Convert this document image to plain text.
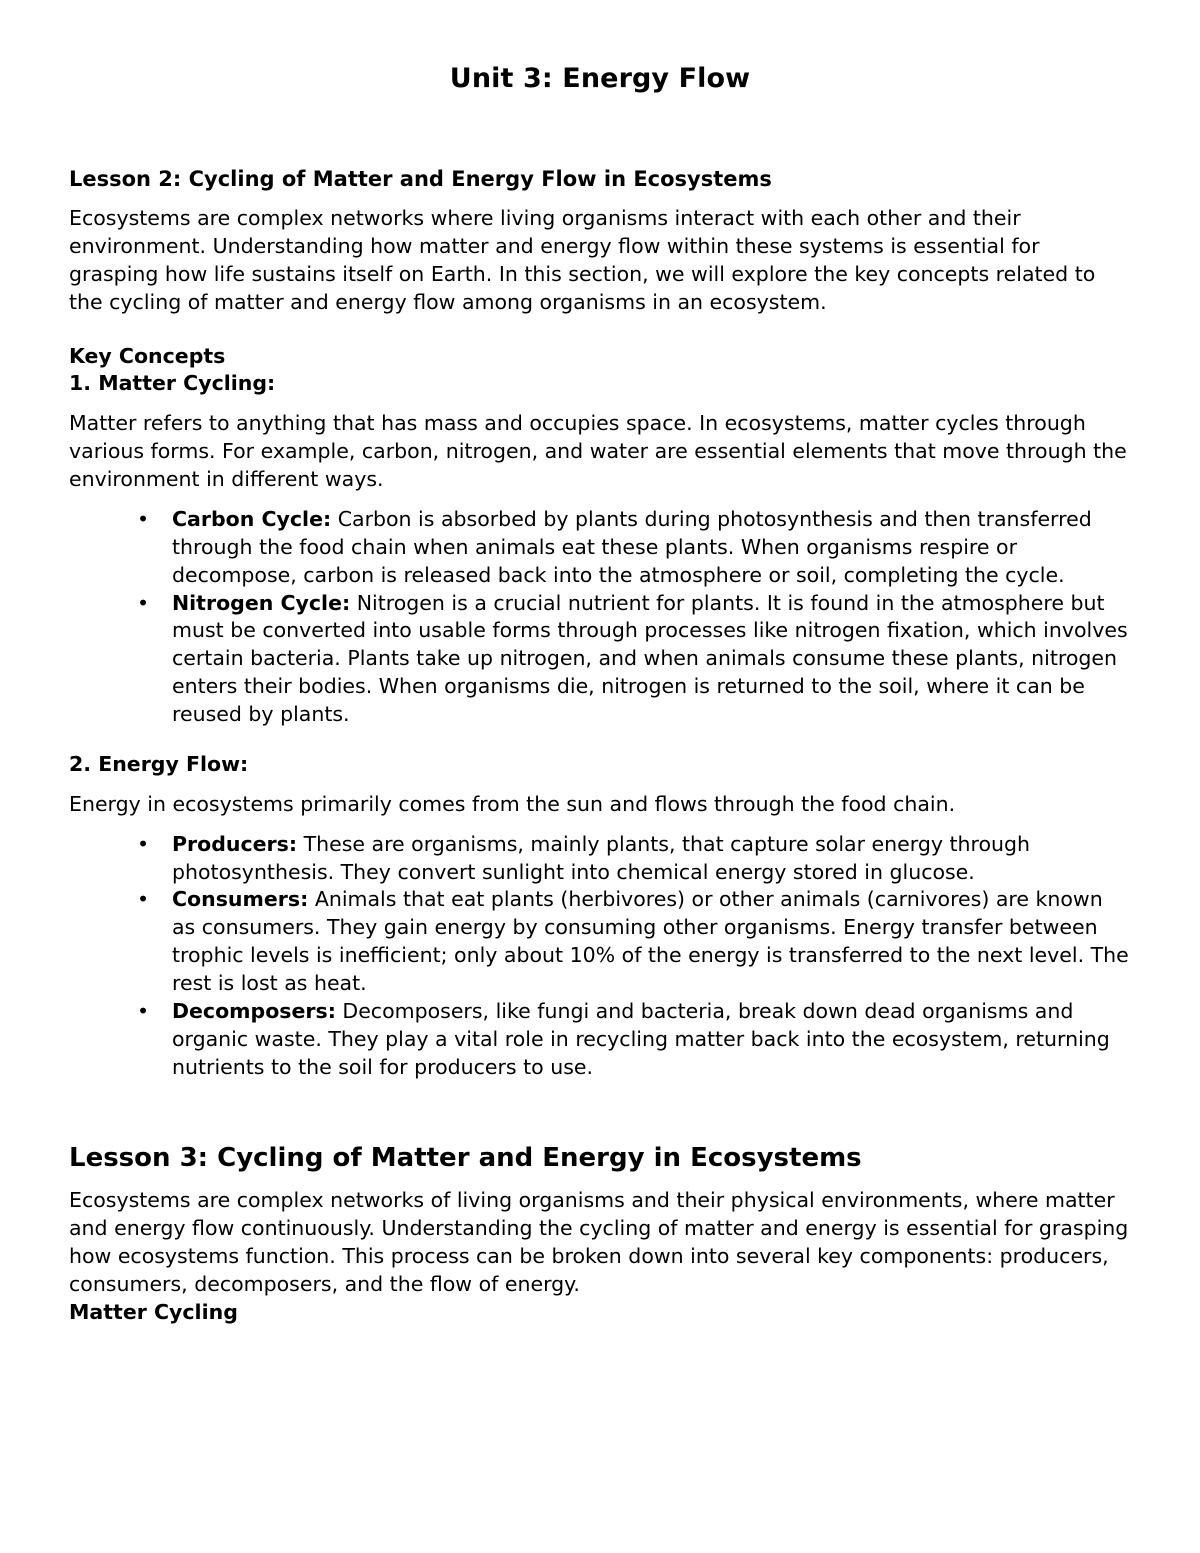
Unit 3: Energy Flow
Lesson 2: Cycling of Matter and Energy Flow in Ecosystems

Ecosystems are complex networks where living organisms interact with each other and their environment. Understanding how matter and energy flow within these systems is essential for grasping how life sustains itself on Earth. In this section, we will explore the key concepts related to the cycling of matter and energy flow among organisms in an ecosystem.

Key Concepts
1. Matter Cycling:

Matter refers to anything that has mass and occupies space. In ecosystems, matter cycles through various forms. For example, carbon, nitrogen, and water are essential elements that move through the environment in different ways.

• Carbon Cycle: Carbon is absorbed by plants during photosynthesis and then transferred through the food chain when animals eat these plants. When organisms respire or decompose, carbon is released back into the atmosphere or soil, completing the cycle.
• Nitrogen Cycle: Nitrogen is a crucial nutrient for plants. It is found in the atmosphere but must be converted into usable forms through processes like nitrogen fixation, which involves certain bacteria. Plants take up nitrogen, and when animals consume these plants, nitrogen enters their bodies. When organisms die, nitrogen is returned to the soil, where it can be reused by plants.
2. Energy Flow:

Energy in ecosystems primarily comes from the sun and flows through the food chain.

• Producers: These are organisms, mainly plants, that capture solar energy through photosynthesis. They convert sunlight into chemical energy stored in glucose.
• Consumers: Animals that eat plants (herbivores) or other animals (carnivores) are known as consumers. They gain energy by consuming other organisms. Energy transfer between trophic levels is inefficient; only about 10% of the energy is transferred to the next level. The rest is lost as heat.
• Decomposers: Decomposers, like fungi and bacteria, break down dead organisms and organic waste. They play a vital role in recycling matter back into the ecosystem, returning nutrients to the soil for producers to use.
Lesson 3: Cycling of Matter and Energy in Ecosystems

Ecosystems are complex networks of living organisms and their physical environments, where matter and energy flow continuously. Understanding the cycling of matter and energy is essential for grasping how ecosystems function. This process can be broken down into several key components: producers, consumers, decomposers, and the flow of energy.

Matter Cycling
